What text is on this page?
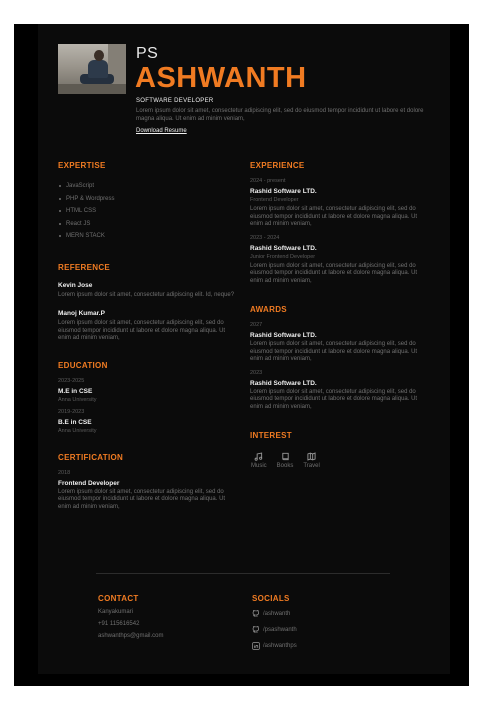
PS
ASHWANTH
SOFTWARE DEVELOPER
Lorem ipsum dolor sit amet, consectetur adipiscing elit, sed do eiusmod tempor incididunt ut labore et dolore magna aliqua. Ut enim ad minim veniam,
Download Resume
EXPERTISE
JavaScript
PHP & Wordpress
HTML CSS
React JS
MERN STACK
REFERENCE
Kevin Jose
Lorem ipsum dolor sit amet, consectetur adipiscing elit. Id, neque?
Manoj Kumar.P
Lorem ipsum dolor sit amet, consectetur adipiscing elit, sed do eiusmod tempor incididunt ut labore et dolore magna aliqua. Ut enim ad minim veniam,
EDUCATION
2023-2025
M.E in CSE
Anna University
2019-2023
B.E in CSE
Anna University
CERTIFICATION
2018
Frontend Developer
Lorem ipsum dolor sit amet, consectetur adipiscing elit, sed do eiusmod tempor incididunt ut labore et dolore magna aliqua. Ut enim ad minim veniam,
EXPERIENCE
2024 - present
Rashid Software LTD.
Frontend Developer
Lorem ipsum dolor sit amet, consectetur adipiscing elit, sed do eiusmod tempor incididunt ut labore et dolore magna aliqua. Ut enim ad minim veniam,
2023 - 2024
Rashid Software LTD.
Junior Frontend Developer
Lorem ipsum dolor sit amet, consectetur adipiscing elit, sed do eiusmod tempor incididunt ut labore et dolore magna aliqua. Ut enim ad minim veniam,
AWARDS
2027
Rashid Software LTD.
Lorem ipsum dolor sit amet, consectetur adipiscing elit, sed do eiusmod tempor incididunt ut labore et dolore magna aliqua. Ut enim ad minim veniam,
2023
Rashid Software LTD.
Lorem ipsum dolor sit amet, consectetur adipiscing elit, sed do eiusmod tempor incididunt ut labore et dolore magna aliqua. Ut enim ad minim veniam,
INTEREST
Music Books Travel
CONTACT
Kanyakumari
+91 115616542
ashwanthps@gmail.com
SOCIALS
/ashwanth
/psashwanth
/ashwanthps
